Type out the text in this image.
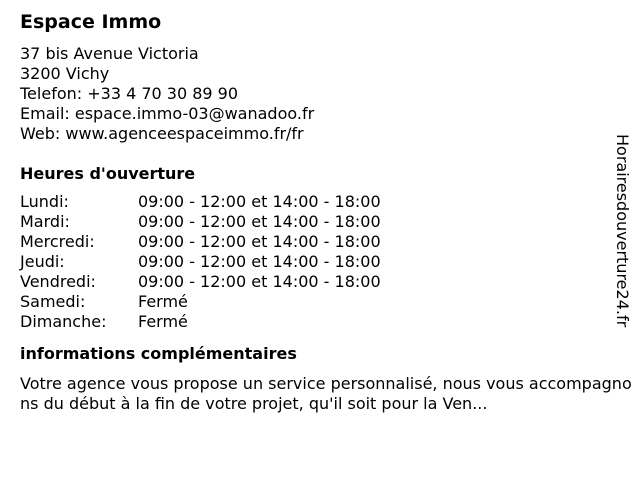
Espace Immo
37 bis Avenue Victoria
3200 Vichy
Telefon: +33 4 70 30 89 90
Email: espace.immo-03@wanadoo.fr
Web: www.agenceespaceimmo.fr/fr
Heures d'ouverture
Lundi:	09:00 - 12:00 et 14:00 - 18:00
Mardi:	09:00 - 12:00 et 14:00 - 18:00
Mercredi:	09:00 - 12:00 et 14:00 - 18:00
Jeudi:	09:00 - 12:00 et 14:00 - 18:00
Vendredi:	09:00 - 12:00 et 14:00 - 18:00
Samedi:	Fermé
Dimanche:	Fermé
informations complémentaires
Votre agence vous propose un service personnalisé, nous vous accompagnons du début à la fin de votre projet, qu'il soit pour la Ven...
Horairesdouverture24.fr
